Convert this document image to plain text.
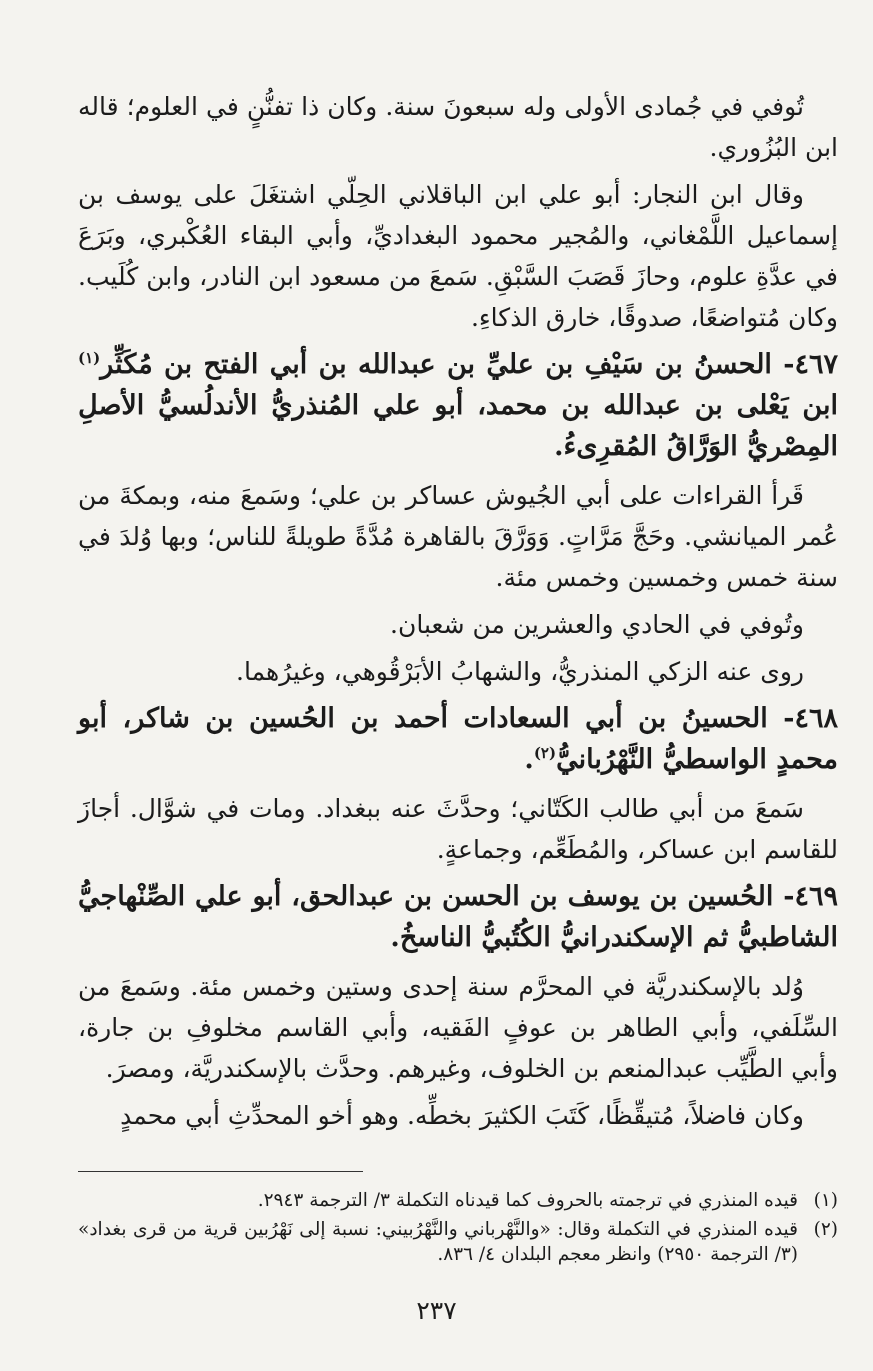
تُوفي في جُمادى الأولى وله سبعونَ سنة. وكان ذا تفنُّنٍ في العلوم؛ قاله ابن البُزُوري.

وقال ابن النجار: أبو علي ابن الباقلاني الحِلّي اشتغَلَ على يوسف بن إسماعيل اللَّمْغاني، والمُجير محمود البغداديِّ، وأبي البقاء العُكْبري، وبَرَعَ في عدَّةِ علوم، وحازَ قَصَبَ السَّبْقِ. سَمعَ من مسعود ابن النادر، وابن كُلَيب. وكان مُتواضعًا، صدوقًا، خارق الذكاءِ.

٤٦٧- الحسنُ بن سَيْفِ بن عليِّ بن عبدالله بن أبي الفتح بن مُكَثِّر$^{(١)}$ ابن يَعْلى بن عبدالله بن محمد، أبو علي المُنذريُّ الأندلُسيُّ الأصلِ المِصْريُّ الوَرَّاقُ المُقرِىءُ.

قَرأ القراءات على أبي الجُيوش عساكر بن علي؛ وسَمعَ منه، وبمكةَ من عُمر الميانشي. وحَجَّ مَرَّاتٍ. وَوَرَّقَ بالقاهرة مُدَّةً طويلةً للناس؛ وبها وُلدَ في سنة خمس وخمسين وخمس مئة.

وتُوفي في الحادي والعشرين من شعبان.

روى عنه الزكي المنذريُّ، والشهابُ الأبَرْقُوهي، وغيرُهما.

٤٦٨- الحسينُ بن أبي السعادات أحمد بن الحُسين بن شاكر، أبو محمدٍ الواسطيُّ النَّهْرُبانيُّ$^{(٢)}$.

سَمعَ من أبي طالب الكَتّاني؛ وحدَّثَ عنه ببغداد. ومات في شوَّال. أجازَ للقاسم ابن عساكر، والمُطَعِّم، وجماعةٍ.

٤٦٩- الحُسين بن يوسف بن الحسن بن عبدالحق، أبو علي الصِّنْهاجيُّ الشاطبيُّ ثم الإسكندرانيُّ الكُتُبيُّ الناسخُ.

وُلد بالإسكندريَّة في المحرَّم سنة إحدى وستين وخمس مئة. وسَمعَ من السِّلَفي، وأبي الطاهر بن عوفٍ الفَقيه، وأبي القاسم مخلوفِ بن جارة، وأبي الطَّيِّب عبدالمنعم بن الخلوف، وغيرهم. وحدَّث بالإسكندريَّة، ومصرَ.

وكان فاضلاً، مُتيقِّظًا، كَتَبَ الكثيرَ بخطِّه. وهو أخو المحدِّثِ أبي محمدٍ

(١)
قيده المنذري في ترجمته بالحروف كما قيدناه التكملة ٣/ الترجمة ٢٩٤٣.
(٢)
قيده المنذري في التكملة وقال: «والنَّهْرباني والنَّهْرُبيني: نسبة إلى نَهْرُبين قرية من قرى بغداد» (٣/ الترجمة ٢٩٥٠) وانظر معجم البلدان ٤/ ٨٣٦.
٢٣٧
